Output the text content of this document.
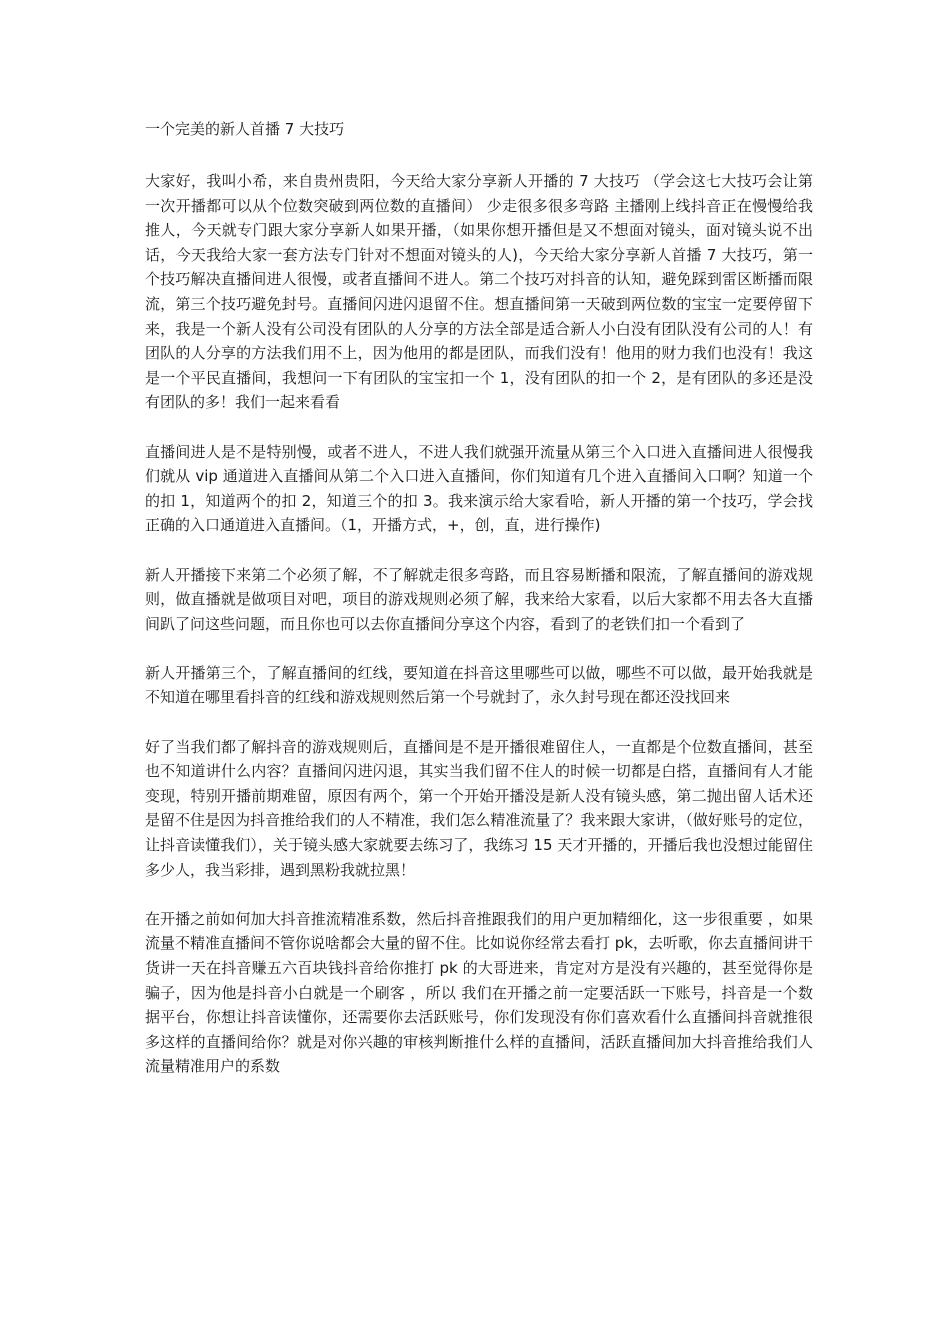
一个完美的新人首播 7 大技巧

大家好，我叫小希，来自贵州贵阳，今天给大家分享新人开播的 7 大技巧 （学会这七大技巧会让第一次开播都可以从个位数突破到两位数的直播间） 少走很多很多弯路 主播刚上线抖音正在慢慢给我推人，今天就专门跟大家分享新人如果开播，（如果你想开播但是又不想面对镜头，面对镜头说不出话，今天我给大家一套方法专门针对不想面对镜头的人)，今天给大家分享新人首播 7 大技巧，第一个技巧解决直播间进人很慢，或者直播间不进人。第二个技巧对抖音的认知，避免踩到雷区断播而限流，第三个技巧避免封号。直播间闪进闪退留不住。想直播间第一天破到两位数的宝宝一定要停留下来，我是一个新人没有公司没有团队的人分享的方法全部是适合新人小白没有团队没有公司的人！有团队的人分享的方法我们用不上，因为他用的都是团队，而我们没有！他用的财力我们也没有！我这是一个平民直播间，我想问一下有团队的宝宝扣一个 1，没有团队的扣一个 2，是有团队的多还是没有团队的多！我们一起来看看

直播间进人是不是特别慢，或者不进人，不进人我们就强开流量从第三个入口进入直播间进人很慢我们就从 vip 通道进入直播间从第二个入口进入直播间，你们知道有几个进入直播间入口啊？知道一个的扣 1，知道两个的扣 2，知道三个的扣 3。我来演示给大家看哈，新人开播的第一个技巧，学会找正确的入口通道进入直播间。（1，开播方式，+，创，直，进行操作)

新人开播接下来第二个必须了解，不了解就走很多弯路，而且容易断播和限流，了解直播间的游戏规则，做直播就是做项目对吧，项目的游戏规则必须了解，我来给大家看，以后大家都不用去各大直播间趴了问这些问题，而且你也可以去你直播间分享这个内容，看到了的老铁们扣一个看到了

新人开播第三个，了解直播间的红线，要知道在抖音这里哪些可以做，哪些不可以做，最开始我就是不知道在哪里看抖音的红线和游戏规则然后第一个号就封了，永久封号现在都还没找回来

好了当我们都了解抖音的游戏规则后，直播间是不是开播很难留住人，一直都是个位数直播间，甚至也不知道讲什么内容？直播间闪进闪退，其实当我们留不住人的时候一切都是白搭，直播间有人才能变现，特别开播前期难留，原因有两个，第一个开始开播没是新人没有镜头感，第二抛出留人话术还是留不住是因为抖音推给我们的人不精准，我们怎么精准流量了？我来跟大家讲，（做好账号的定位，让抖音读懂我们），关于镜头感大家就要去练习了，我练习 15 天才开播的，开播后我也没想过能留住多少人，我当彩排，遇到黑粉我就拉黑！

在开播之前如何加大抖音推流精准系数，然后抖音推跟我们的用户更加精细化，这一步很重要 ，如果流量不精准直播间不管你说啥都会大量的留不住。比如说你经常去看打 pk，去听歌，你去直播间讲干货讲一天在抖音赚五六百块钱抖音给你推打 pk 的大哥进来，肯定对方是没有兴趣的，甚至觉得你是骗子，因为他是抖音小白就是一个刷客 ，所以 我们在开播之前一定要活跃一下账号，抖音是一个数据平台，你想让抖音读懂你，还需要你去活跃账号，你们发现没有你们喜欢看什么直播间抖音就推很多这样的直播间给你？就是对你兴趣的审核判断推什么样的直播间，活跃直播间加大抖音推给我们人流量精准用户的系数
